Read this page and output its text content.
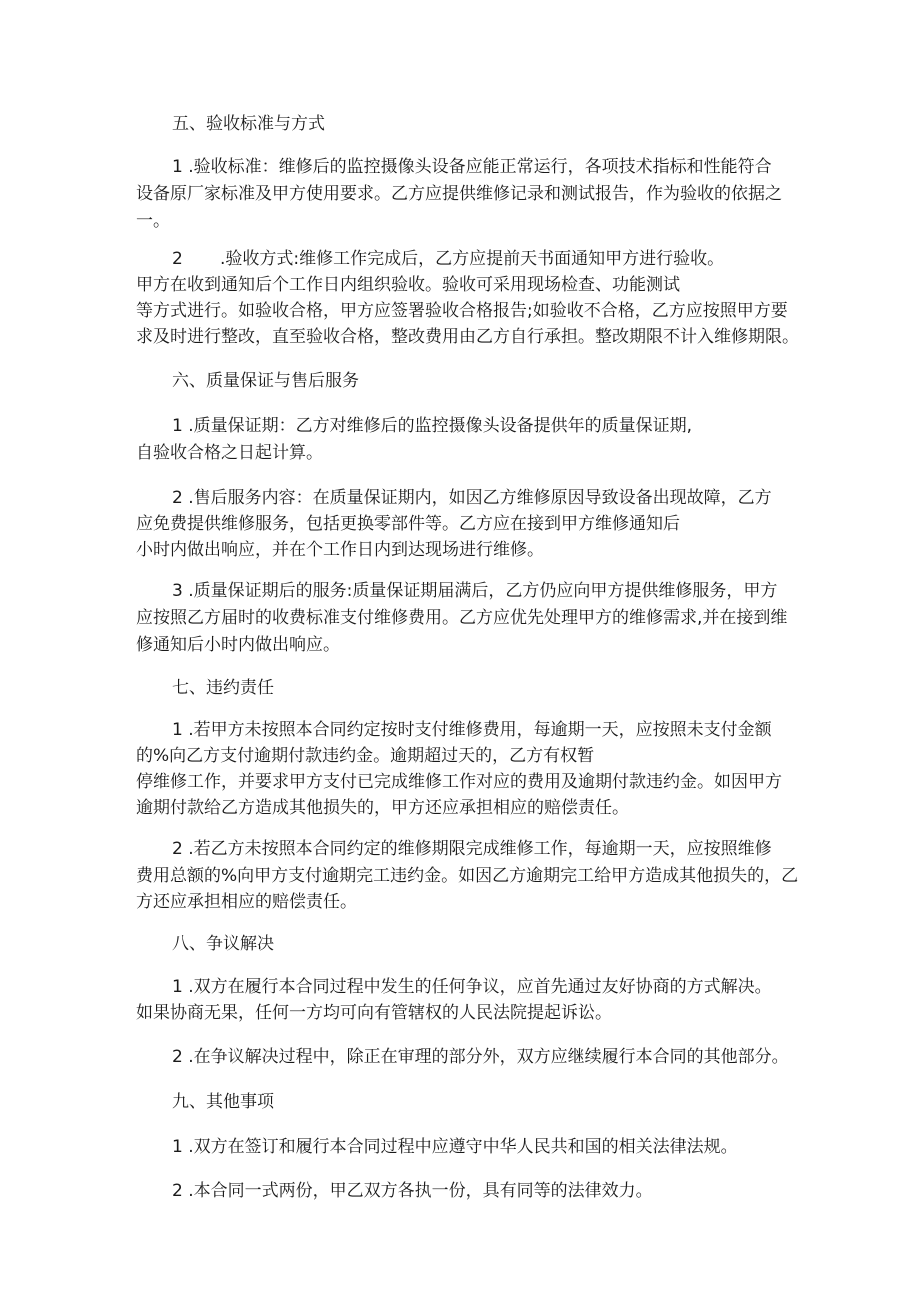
五、验收标准与方式
1 .验收标准：维修后的监控摄像头设备应能正常运行，各项技术指标和性能符合
设备原厂家标准及甲方使用要求。乙方应提供维修记录和测试报告，作为验收的依据之
一。
2 .验收方式:维修工作完成后，乙方应提前天书面通知甲方进行验收。
甲方在收到通知后个工作日内组织验收。验收可采用现场检查、功能测试
等方式进行。如验收合格，甲方应签署验收合格报告;如验收不合格，乙方应按照甲方要
求及时进行整改，直至验收合格，整改费用由乙方自行承担。整改期限不计入维修期限。
六、质量保证与售后服务
1 .质量保证期：乙方对维修后的监控摄像头设备提供年的质量保证期,
自验收合格之日起计算。
2 .售后服务内容：在质量保证期内，如因乙方维修原因导致设备出现故障，乙方
应免费提供维修服务，包括更换零部件等。乙方应在接到甲方维修通知后
小时内做出响应，并在个工作日内到达现场进行维修。
3 .质量保证期后的服务:质量保证期届满后，乙方仍应向甲方提供维修服务，甲方
应按照乙方届时的收费标准支付维修费用。乙方应优先处理甲方的维修需求,并在接到维
修通知后小时内做出响应。
七、违约责任
1 .若甲方未按照本合同约定按时支付维修费用，每逾期一天，应按照未支付金额
的%向乙方支付逾期付款违约金。逾期超过天的，乙方有权暂
停维修工作，并要求甲方支付已完成维修工作对应的费用及逾期付款违约金。如因甲方
逾期付款给乙方造成其他损失的，甲方还应承担相应的赔偿责任。
2 .若乙方未按照本合同约定的维修期限完成维修工作，每逾期一天，应按照维修
费用总额的%向甲方支付逾期完工违约金。如因乙方逾期完工给甲方造成其他损失的，乙
方还应承担相应的赔偿责任。
八、争议解决
1 .双方在履行本合同过程中发生的任何争议，应首先通过友好协商的方式解决。
如果协商无果，任何一方均可向有管辖权的人民法院提起诉讼。
2 .在争议解决过程中，除正在审理的部分外，双方应继续履行本合同的其他部分。
九、其他事项
1 .双方在签订和履行本合同过程中应遵守中华人民共和国的相关法律法规。
2 .本合同一式两份，甲乙双方各执一份，具有同等的法律效力。
